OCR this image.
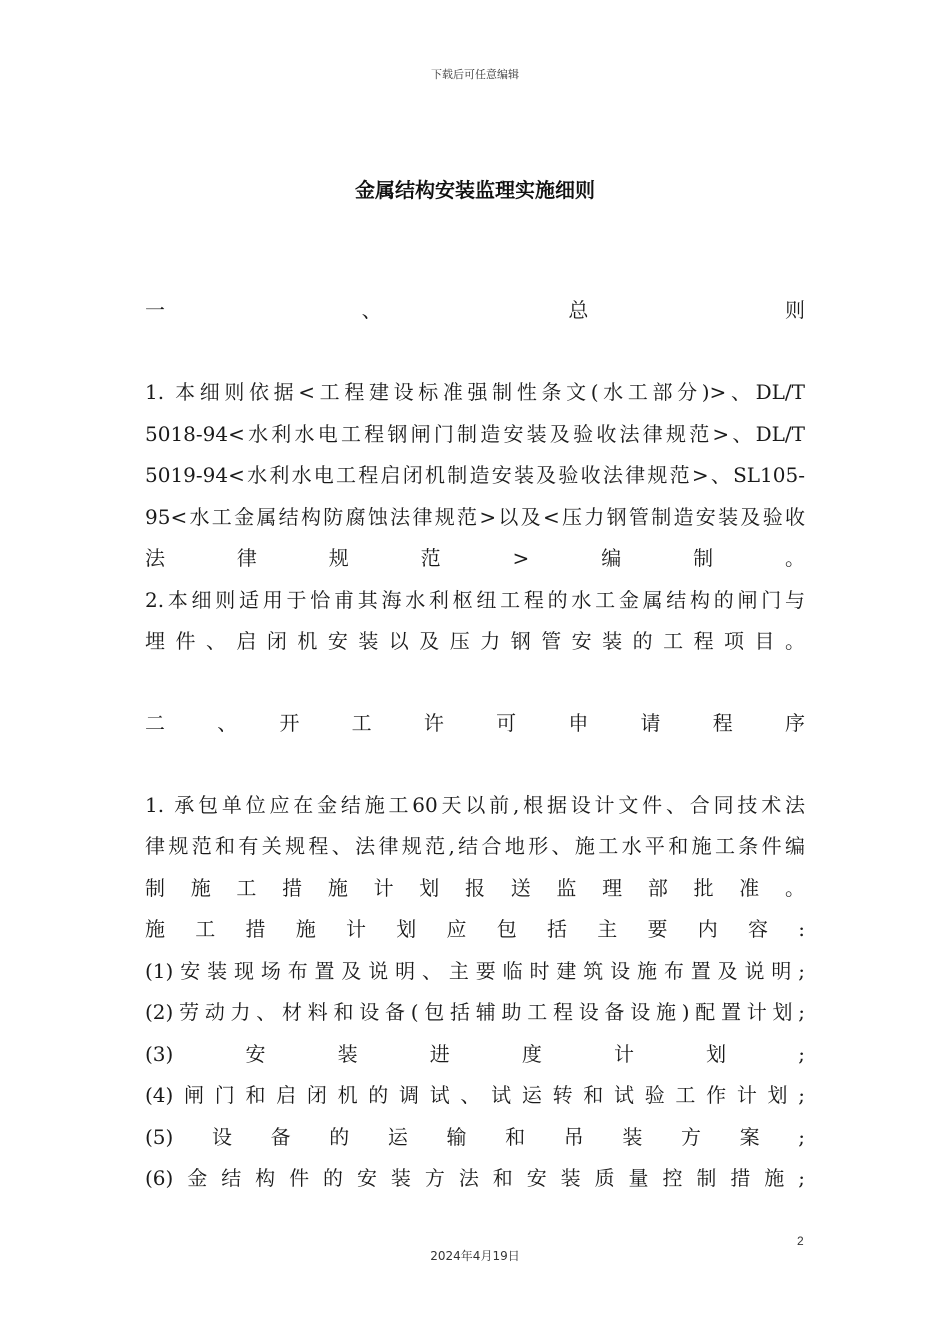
下载后可任意编辑
金属结构安装监理实施细则
一　　、　　总　　则
1. 本细则依据<工程建设标准强制性条文(水工部分)>、DL/T
5018-94<水利水电工程钢闸门制造安装及验收法律规范>、DL/T
5019-94<水利水电工程启闭机制造安装及验收法律规范>、SL105-
95<水工金属结构防腐蚀法律规范>以及<压力钢管制造安装及验收
法　律　规　范　>　编　制　。
2.本细则适用于恰甫其海水利枢纽工程的水工金属结构的闸门与
埋件、启闭机安装以及压力钢管安装的工程项目。
二　、　开　工　许　可　申　请　程　序
1. 承包单位应在金结施工60天以前,根据设计文件、合同技术法
律规范和有关规程、法律规范,结合地形、施工水平和施工条件编
制施工措施计划报送监理部批准。
施工措施计划应包括主要内容:
(1)安装现场布置及说明、主要临时建筑设施布置及说明;
(2)劳动力、材料和设备(包括辅助工程设备设施)配置计划;
(3)　安　装　进　度　计　划　;
(4)闸门和启闭机的调试、试运转和试验工作计划;
(5)　设　备　的　运　输　和　吊　装　方　案　;
(6)金结构件的安装方法和安装质量控制措施;
2
2024年4月19日
